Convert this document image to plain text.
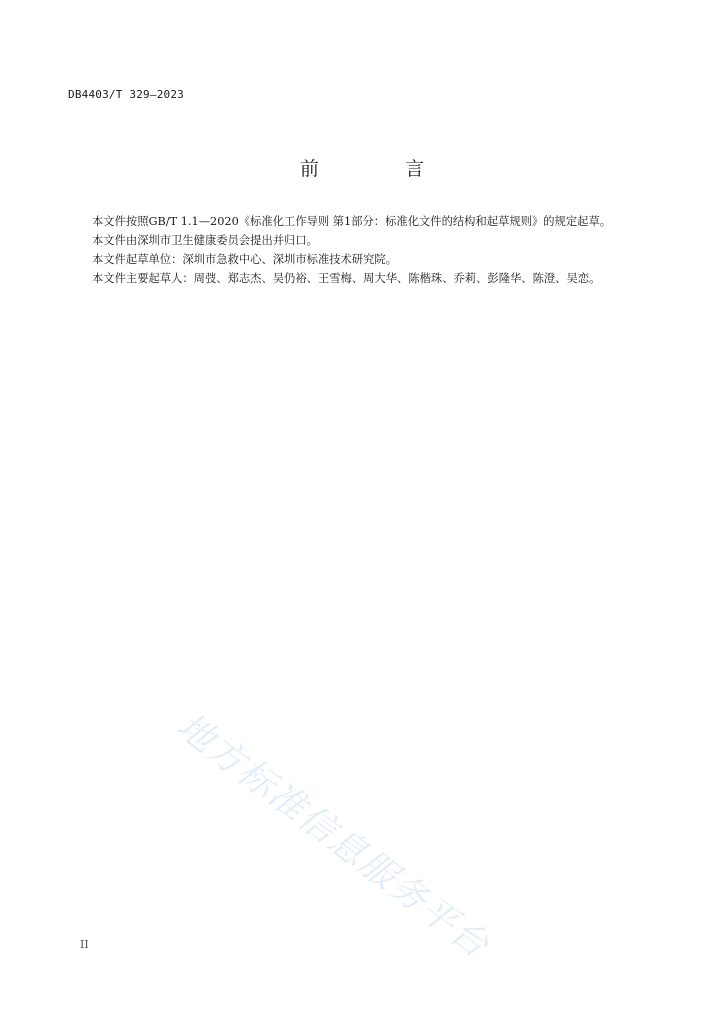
DB4403/T 329—2023
前 言

本文件按照GB/T 1.1—2020《标准化工作导则 第1部分：标准化文件的结构和起草规则》的规定起草。

本文件由深圳市卫生健康委员会提出并归口。

本文件起草单位：深圳市急救中心、深圳市标准技术研究院。

本文件主要起草人：周弢、郑志杰、吴仍裕、王雪梅、周大华、陈楷珠、乔莉、彭隆华、陈澄、吴恋。

地方标准信息服务平台
II
